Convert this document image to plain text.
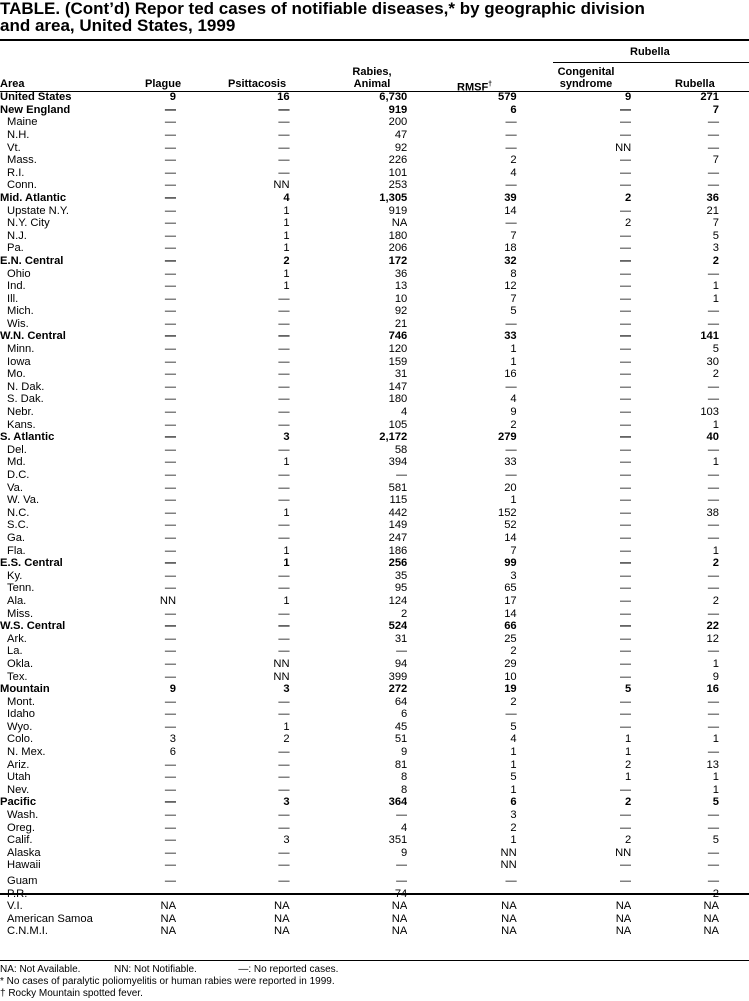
TABLE. (Cont’d) Repor ted cases of notifiable diseases,* by geographic division
and area, United States, 1999
Rubella
Area	Plague	Psittacosis
Rabies,
Animal	RMSF†
Congenital
syndrome	Rubella
United States	9	16	6,730	579	9	271
New England	—	—	919	6	—	7
Maine	—	—	200	—	—	—
N.H.	—	—	47	—	—	—
Vt.	—	—	92	—	NN	—
Mass.	—	—	226	2	—	7
R.I.	—	—	101	4	—	—
Conn.	—	NN	253	—	—	—
Mid. Atlantic	—	4	1,305	39	2	36
Upstate N.Y.	—	1	919	14	—	21
N.Y. City	—	1	NA	—	2	7
N.J.	—	1	180	7	—	5
Pa.	—	1	206	18	—	3
E.N. Central	—	2	172	32	—	2
Ohio	—	1	36	8	—	—
Ind.	—	1	13	12	—	1
Ill.	—	—	10	7	—	1
Mich.	—	—	92	5	—	—
Wis.	—	—	21	—	—	—
W.N. Central	—	—	746	33	—	141
Minn.	—	—	120	1	—	5
Iowa	—	—	159	1	—	30
Mo.	—	—	31	16	—	2
N. Dak.	—	—	147	—	—	—
S. Dak.	—	—	180	4	—	—
Nebr.	—	—	4	9	—	103
Kans.	—	—	105	2	—	1
S. Atlantic	—	3	2,172	279	—	40
Del.	—	—	58	—	—	—
Md.	—	1	394	33	—	1
D.C.	—	—	—	—	—	—
Va.	—	—	581	20	—	—
W. Va.	—	—	115	1	—	—
N.C.	—	1	442	152	—	38
S.C.	—	—	149	52	—	—
Ga.	—	—	247	14	—	—
Fla.	—	1	186	7	—	1
E.S. Central	—	1	256	99	—	2
Ky.	—	—	35	3	—	—
Tenn.	—	—	95	65	—	—
Ala.	NN	1	124	17	—	2
Miss.	—	—	2	14	—	—
W.S. Central	—	—	524	66	—	22
Ark.	—	—	31	25	—	12
La.	—	—	—	2	—	—
Okla.	—	NN	94	29	—	1
Tex.	—	NN	399	10	—	9
Mountain	9	3	272	19	5	16
Mont.	—	—	64	2	—	—
Idaho	—	—	6	—	—	—
Wyo.	—	1	45	5	—	—
Colo.	3	2	51	4	1	1
N. Mex.	6	—	9	1	1	—
Ariz.	—	—	81	1	2	13
Utah	—	—	8	5	1	1
Nev.	—	—	8	1	—	1
Pacific	—	3	364	6	2	5
Wash.	—	—	—	3	—	—
Oreg.	—	—	4	2	—	—
Calif.	—	3	351	1	2	5
Alaska	—	—	9	NN	NN	—
Hawaii	—	—	—	NN	—	—
Guam	—	—	—	—	—	—
P.R.	—	—	74	—	—	2
V.I.	NA	NA	NA	NA	NA	NA
American Samoa	NA	NA	NA	NA	NA	NA
C.N.M.I.	NA	NA	NA	NA	NA	NA
NA: Not Available.	NN: Not Notifiable.	—: No reported cases.
* No cases of paralytic poliomyelitis or human rabies were reported in 1999.
† Rocky Mountain spotted fever.
